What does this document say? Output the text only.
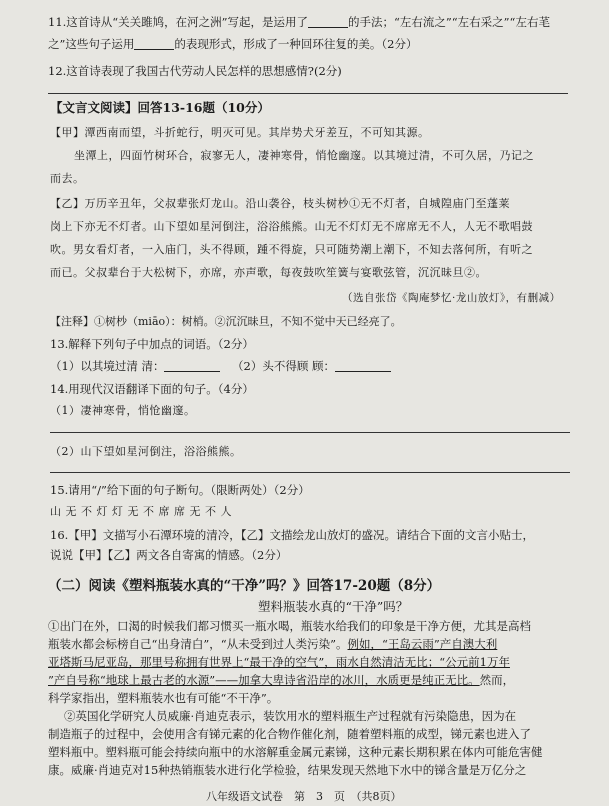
11.这首诗从“关关雎鸠，在河之洲”写起，是运用了	的手法；“左右流之”“左右采之”“左右芼
之”这些句子运用	的表现形式，形成了一种回环往复的美。（2分）
12.这首诗表现了我国古代劳动人民怎样的思想感情?(2分)
【文言文阅读】回答13-16题（10分）
【甲】潭西南而望，斗折蛇行，明灭可见。其岸势犬牙差互，不可知其源。
坐潭上，四面竹树环合，寂寥无人，凄神寒骨，悄怆幽邃。以其境过清，不可久居，乃记之
而去。
【乙】万历辛丑年，父叔辈张灯龙山。沿山袭谷，枝头树杪①无不灯者，自城隍庙门至蓬莱
岗上下亦无不灯者。山下望如星河倒注，浴浴熊熊。山无不灯灯无不席席无不人，人无不歌唱鼓
吹。男女看灯者，一入庙门，头不得顾，踵不得旋，只可随势潮上潮下，不知去落何所，有听之
而已。父叔辈台于大松树下，亦席，亦声歌，每夜鼓吹笙簧与宴歌弦管，沉沉昧旦②。
（选自张岱《陶庵梦忆·龙山放灯》，有删减）
【注释】①树杪（miāo）：树梢。②沉沉昧旦，不知不觉中天已经亮了。
13.解释下列句子中加点的词语。（2分）
（1）以其境过清 清：	（2）头不得顾 顾：
14.用现代汉语翻译下面的句子。（4分）
（1）凄神寒骨，悄怆幽邃。
（2）山下望如星河倒注，浴浴熊熊。
15.请用“/”给下面的句子断句。（限断两处）（2分）
山 无 不 灯 灯 无 不 席 席 无 不 人
16.【甲】文描写小石潭环境的清冷，【乙】文描绘龙山放灯的盛况。请结合下面的文言小贴士，
说说【甲】【乙】两文各自寄寓的情感。（2分）
（二）阅读《塑料瓶装水真的“干净”吗？》回答17-20题（8分）
塑料瓶装水真的“干净”吗？
①出门在外，口渴的时候我们都习惯买一瓶水喝，瓶装水给我们的印象是干净方便，尤其是高档
瓶装水都会标榜自己“出身清白”，“从未受到过人类污染”。例如，“王岛云雨”产自澳大利
亚塔斯马尼亚岛，那里号称拥有世界上“最干净的空气”，雨水自然清洁无比；“公元前1万年
”产自号称“地球上最古老的水源”——加拿大卑诗省沿岸的冰川，水质更是纯正无比。然而，
科学家指出，塑料瓶装水也有可能“不干净”。
②英国化学研究人员威廉·肖迪克表示，装饮用水的塑料瓶生产过程就有污染隐患，因为在
制造瓶子的过程中，会使用含有锑元素的化合物作催化剂，随着塑料瓶的成型，锑元素也进入了
塑料瓶中。塑料瓶可能会持续向瓶中的水溶解重金属元素锑，这种元素长期积累在体内可能危害健
康。威廉·肖迪克对15种热销瓶装水进行化学检验，结果发现天然地下水中的锑含量是万亿分之
八年级语文试卷　第　3　页　（共8页）
